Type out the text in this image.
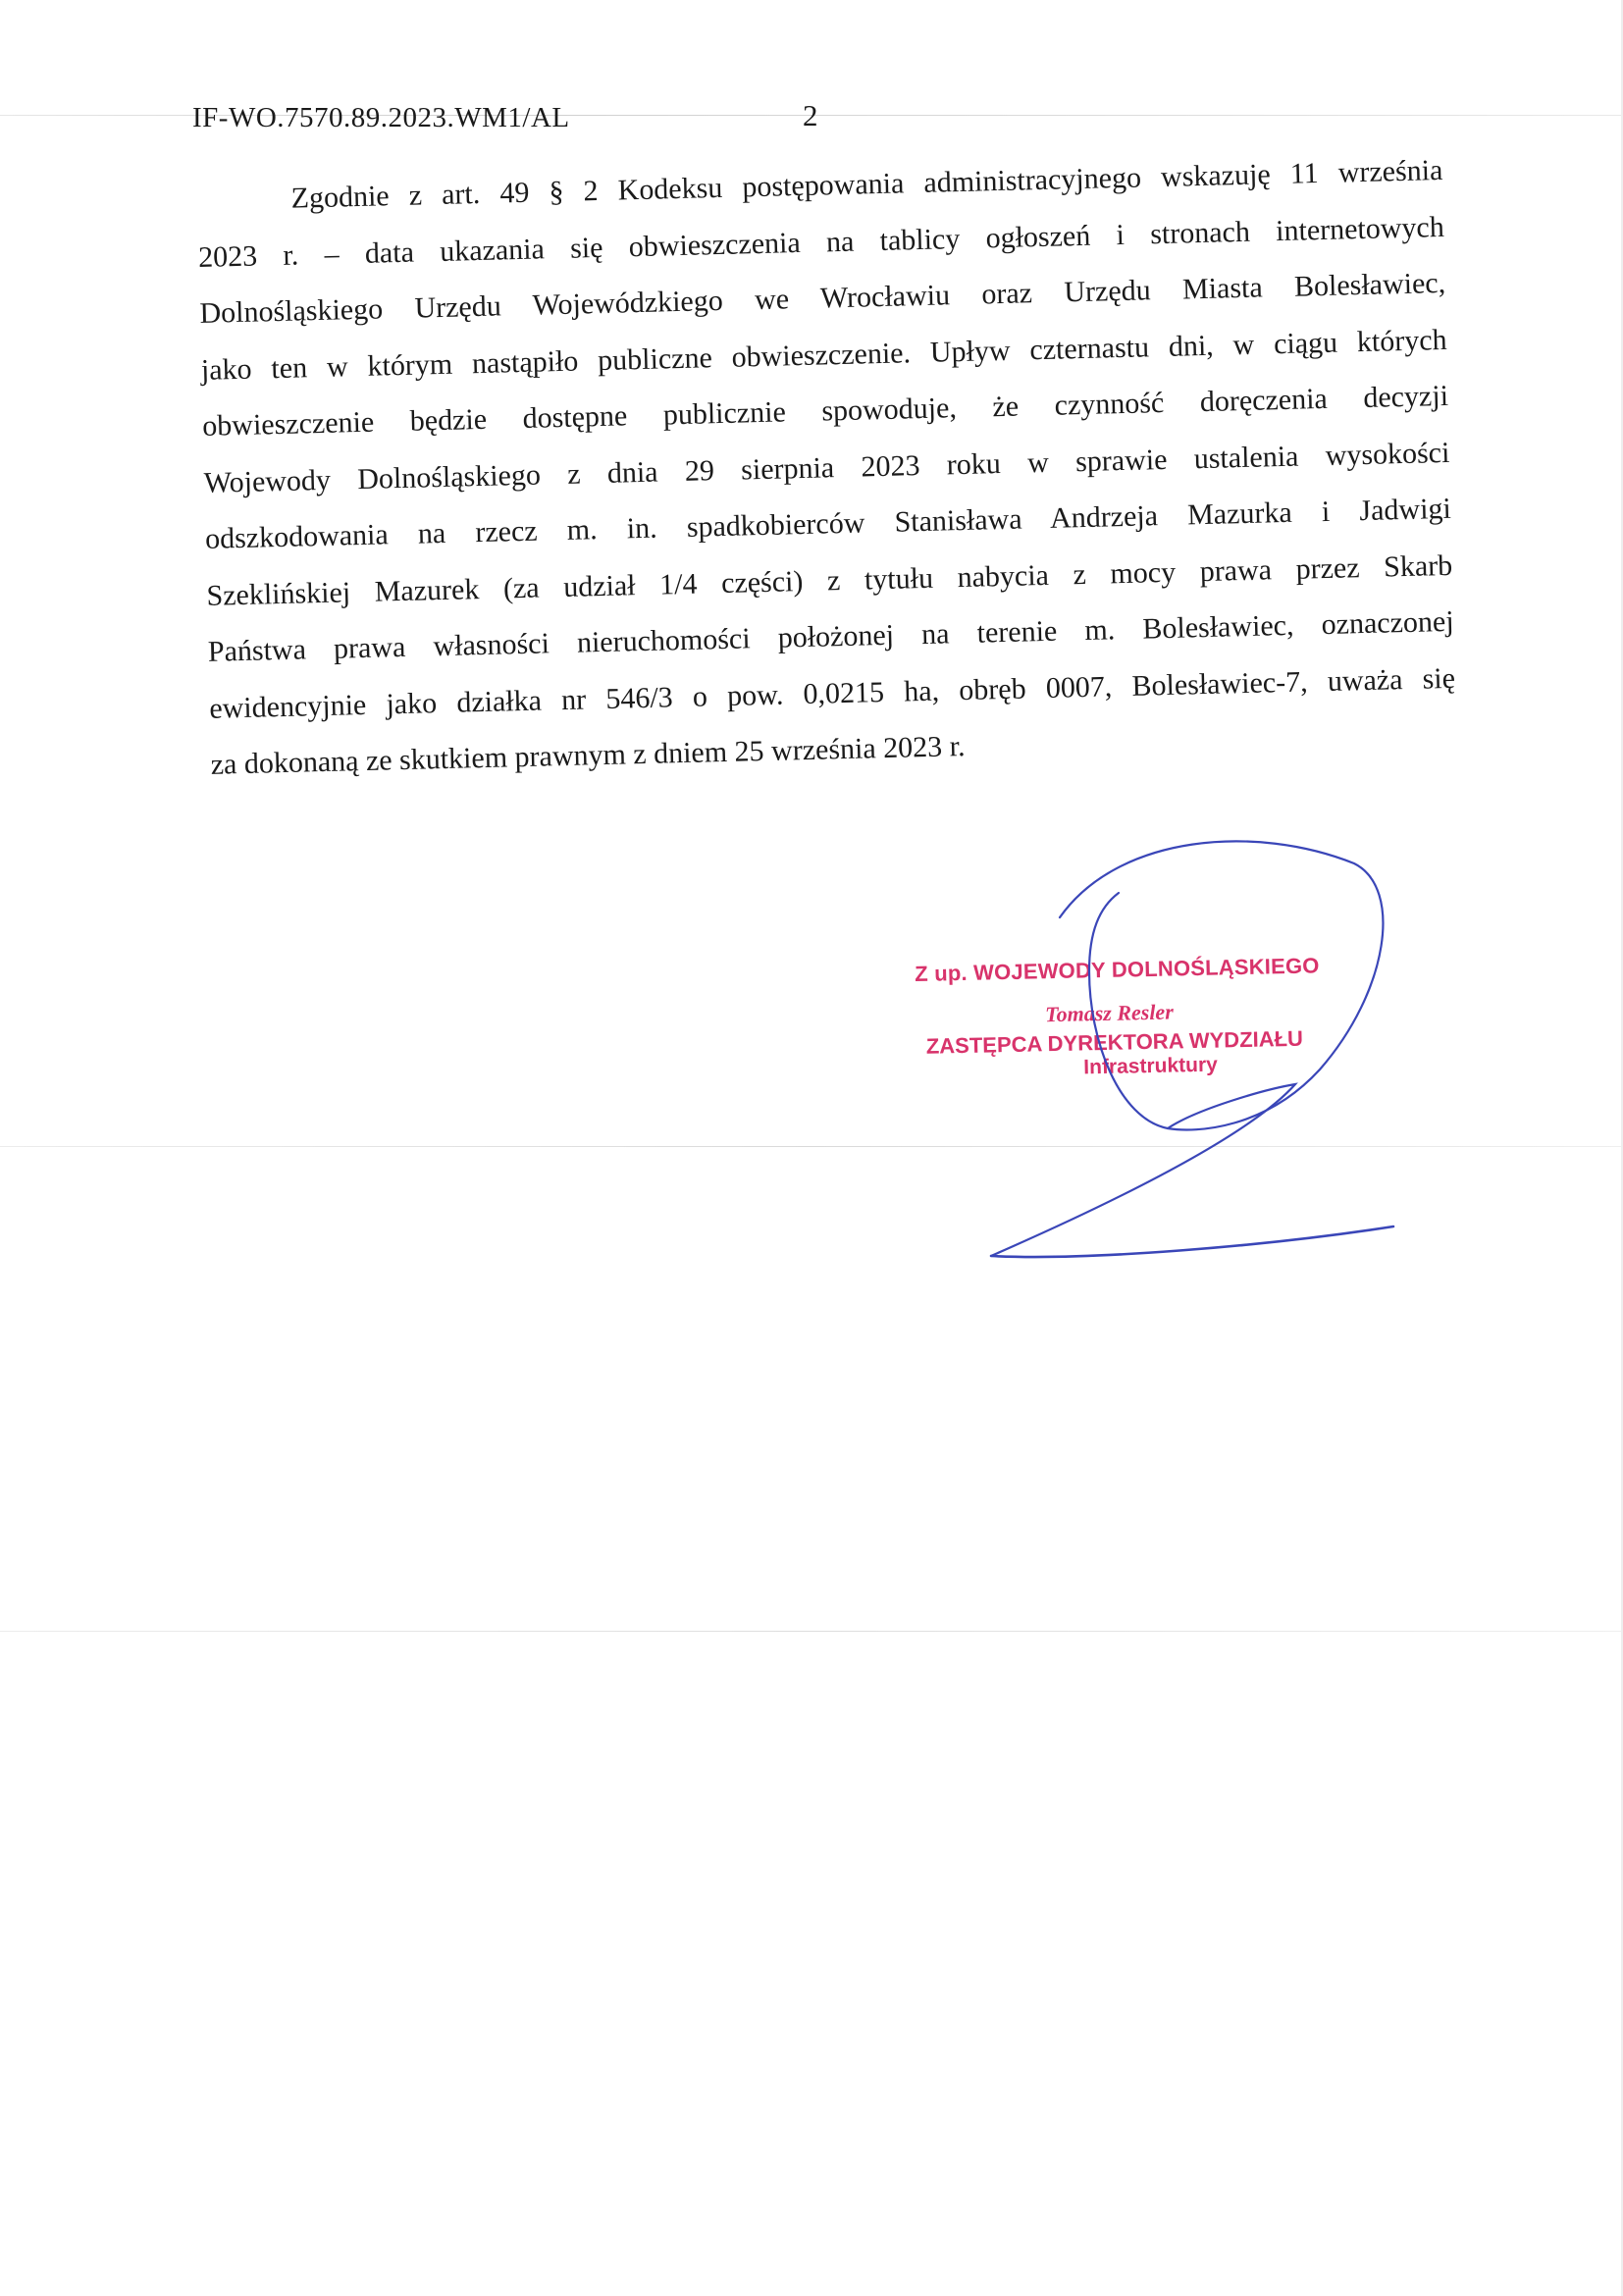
IF-WO.7570.89.2023.WM1/AL	2
Zgodnie z art. 49 § 2 Kodeksu postępowania administracyjnego wskazuję 11 września
2023 r. – data ukazania się obwieszczenia na tablicy ogłoszeń i stronach internetowych
Dolnośląskiego Urzędu Wojewódzkiego we Wrocławiu oraz Urzędu Miasta Bolesławiec,
jako ten w którym nastąpiło publiczne obwieszczenie. Upływ czternastu dni, w ciągu których
obwieszczenie będzie dostępne publicznie spowoduje, że czynność doręczenia decyzji
Wojewody Dolnośląskiego z dnia 29 sierpnia 2023 roku w sprawie ustalenia wysokości
odszkodowania na rzecz m. in. spadkobierców Stanisława Andrzeja Mazurka i Jadwigi
Szeklińskiej Mazurek (za udział 1/4 części) z tytułu nabycia z mocy prawa przez Skarb
Państwa prawa własności nieruchomości położonej na terenie m. Bolesławiec, oznaczonej
ewidencyjnie jako działka nr 546/3 o pow. 0,0215 ha, obręb 0007, Bolesławiec-7, uważa się
za dokonaną ze skutkiem prawnym z dniem 25 września 2023 r.
Z up. WOJEWODY DOLNOŚLĄSKIEGO
Tomasz Resler
ZASTĘPCA DYREKTORA WYDZIAŁU
Infrastruktury
